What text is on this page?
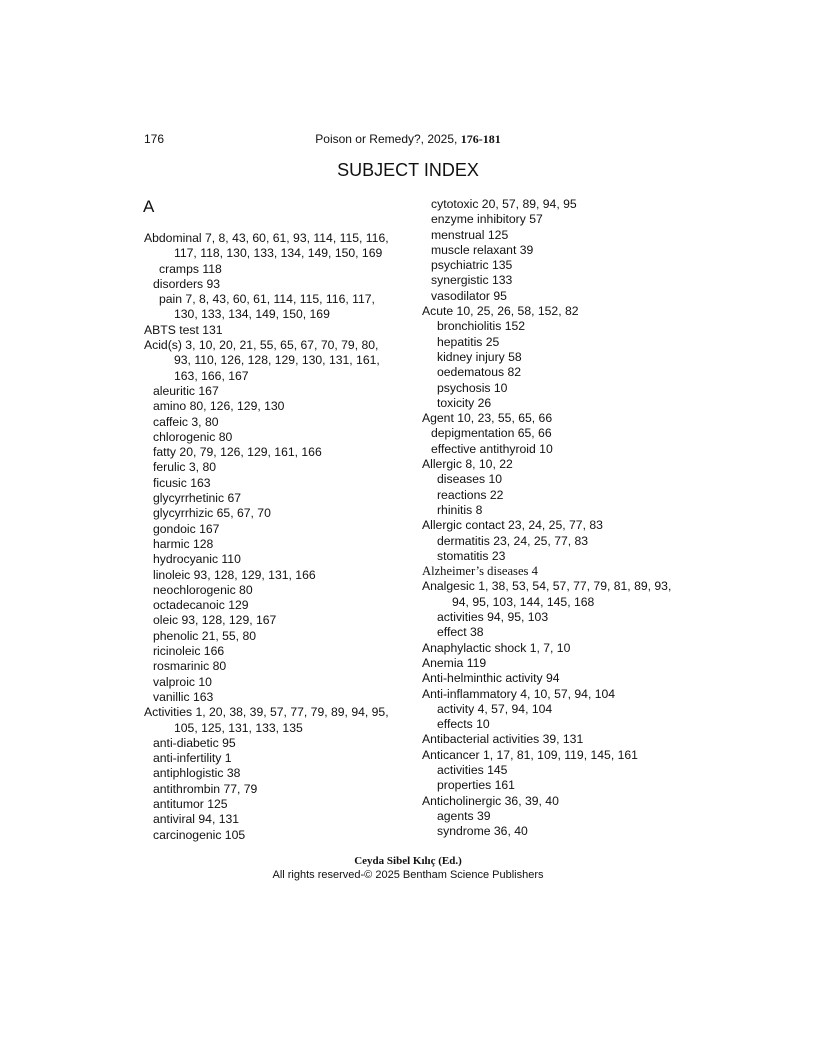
176	Poison or Remedy?, 2025, 176-181
SUBJECT INDEX
A
Abdominal 7, 8, 43, 60, 61, 93, 114, 115, 116,
117, 118, 130, 133, 134, 149, 150, 169
cramps 118
disorders 93
pain 7, 8, 43, 60, 61, 114, 115, 116, 117,
130, 133, 134, 149, 150, 169
ABTS test 131
Acid(s) 3, 10, 20, 21, 55, 65, 67, 70, 79, 80,
93, 110, 126, 128, 129, 130, 131, 161,
163, 166, 167
aleuritic 167
amino 80, 126, 129, 130
caffeic 3, 80
chlorogenic 80
fatty 20, 79, 126, 129, 161, 166
ferulic 3, 80
ficusic 163
glycyrrhetinic 67
glycyrrhizic 65, 67, 70
gondoic 167
harmic 128
hydrocyanic 110
linoleic 93, 128, 129, 131, 166
neochlorogenic 80
octadecanoic 129
oleic 93, 128, 129, 167
phenolic 21, 55, 80
ricinoleic 166
rosmarinic 80
valproic 10
vanillic 163
Activities 1, 20, 38, 39, 57, 77, 79, 89, 94, 95,
105, 125, 131, 133, 135
anti-diabetic 95
anti-infertility 1
antiphlogistic 38
antithrombin 77, 79
antitumor 125
antiviral 94, 131
carcinogenic 105
cytotoxic 20, 57, 89, 94, 95
enzyme inhibitory 57
menstrual 125
muscle relaxant 39
psychiatric 135
synergistic 133
vasodilator 95
Acute 10, 25, 26, 58, 152, 82
bronchiolitis 152
hepatitis 25
kidney injury 58
oedematous 82
psychosis 10
toxicity 26
Agent 10, 23, 55, 65, 66
depigmentation 65, 66
effective antithyroid 10
Allergic 8, 10, 22
diseases 10
reactions 22
rhinitis 8
Allergic contact 23, 24, 25, 77, 83
dermatitis 23, 24, 25, 77, 83
stomatitis 23
Alzheimer’s diseases 4
Analgesic 1, 38, 53, 54, 57, 77, 79, 81, 89, 93,
94, 95, 103, 144, 145, 168
activities 94, 95, 103
effect 38
Anaphylactic shock 1, 7, 10
Anemia 119
Anti-helminthic activity 94
Anti-inflammatory 4, 10, 57, 94, 104
activity 4, 57, 94, 104
effects 10
Antibacterial activities 39, 131
Anticancer 1, 17, 81, 109, 119, 145, 161
activities 145
properties 161
Anticholinergic 36, 39, 40
agents 39
syndrome 36, 40
Ceyda Sibel Kılıç (Ed.)
All rights reserved-© 2025 Bentham Science Publishers
